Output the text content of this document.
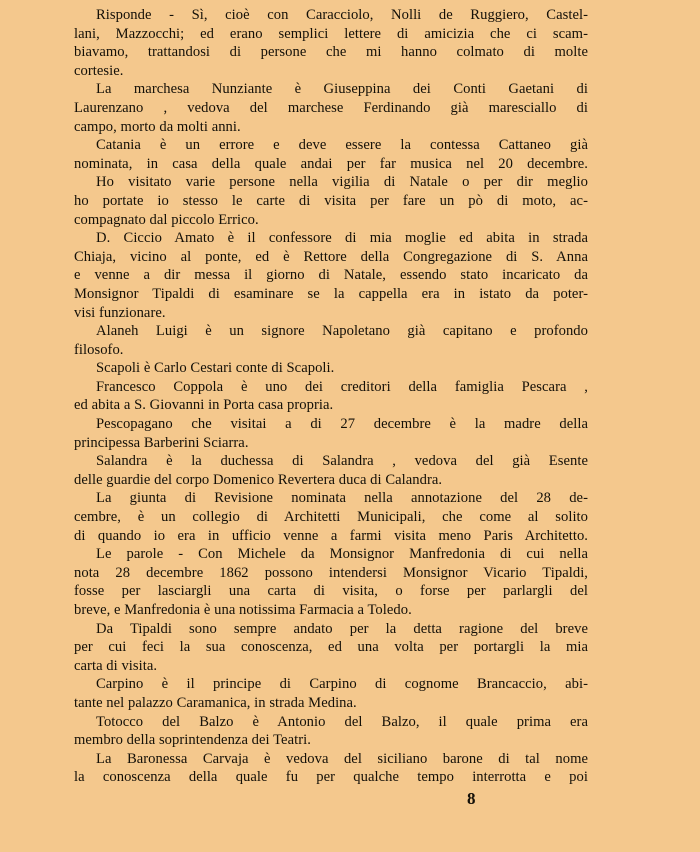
Risponde - Sì, cioè con Caracciolo, Nolli de Ruggiero, Castel-
lani, Mazzocchi; ed erano semplici lettere di amicizia che ci scam-
biavamo, trattandosi di persone che mi hanno colmato di molte
cortesie.
La marchesa Nunziante è Giuseppina dei Conti Gaetani di
Laurenzano , vedova del marchese Ferdinando già maresciallo di
campo, morto da molti anni.
Catania è un errore e deve essere la contessa Cattaneo già
nominata, in casa della quale andai per far musica nel 20 decembre.
Ho visitato varie persone nella vigilia di Natale o per dir meglio
ho portate io stesso le carte di visita per fare un pò di moto, ac-
compagnato dal piccolo Errico.
D. Ciccio Amato è il confessore di mia moglie ed abita in strada
Chiaja, vicino al ponte, ed è Rettore della Congregazione di S. Anna
e venne a dir messa il giorno di Natale, essendo stato incaricato da
Monsignor Tipaldi di esaminare se la cappella era in istato da poter-
visi funzionare.
Alaneh Luigi è un signore Napoletano già capitano e profondo
filosofo.
Scapoli è Carlo Cestari conte di Scapoli.
Francesco Coppola è uno dei creditori della famiglia Pescara ,
ed abita a S. Giovanni in Porta casa propria.
Pescopagano che visitai a di 27 decembre è la madre della
principessa Barberini Sciarra.
Salandra è la duchessa di Salandra , vedova del già Esente
delle guardie del corpo Domenico Revertera duca di Calandra.
La giunta di Revisione nominata nella annotazione del 28 de-
cembre, è un collegio di Architetti Municipali, che come al solito
di quando io era in ufficio venne a farmi visita meno Paris Architetto.
Le parole - Con Michele da Monsignor Manfredonia di cui nella
nota 28 decembre 1862 possono intendersi Monsignor Vicario Tipaldi,
fosse per lasciargli una carta di visita, o forse per parlargli del
breve, e Manfredonia è una notissima Farmacia a Toledo.
Da Tipaldi sono sempre andato per la detta ragione del breve
per cui feci la sua conoscenza, ed una volta per portargli la mia
carta di visita.
Carpino è il principe di Carpino di cognome Brancaccio, abi-
tante nel palazzo Caramanica, in strada Medina.
Totocco del Balzo è Antonio del Balzo, il quale prima era
membro della soprintendenza dei Teatri.
La Baronessa Carvaja è vedova del siciliano barone di tal nome
la conoscenza della quale fu per qualche tempo interrotta e poi
8
